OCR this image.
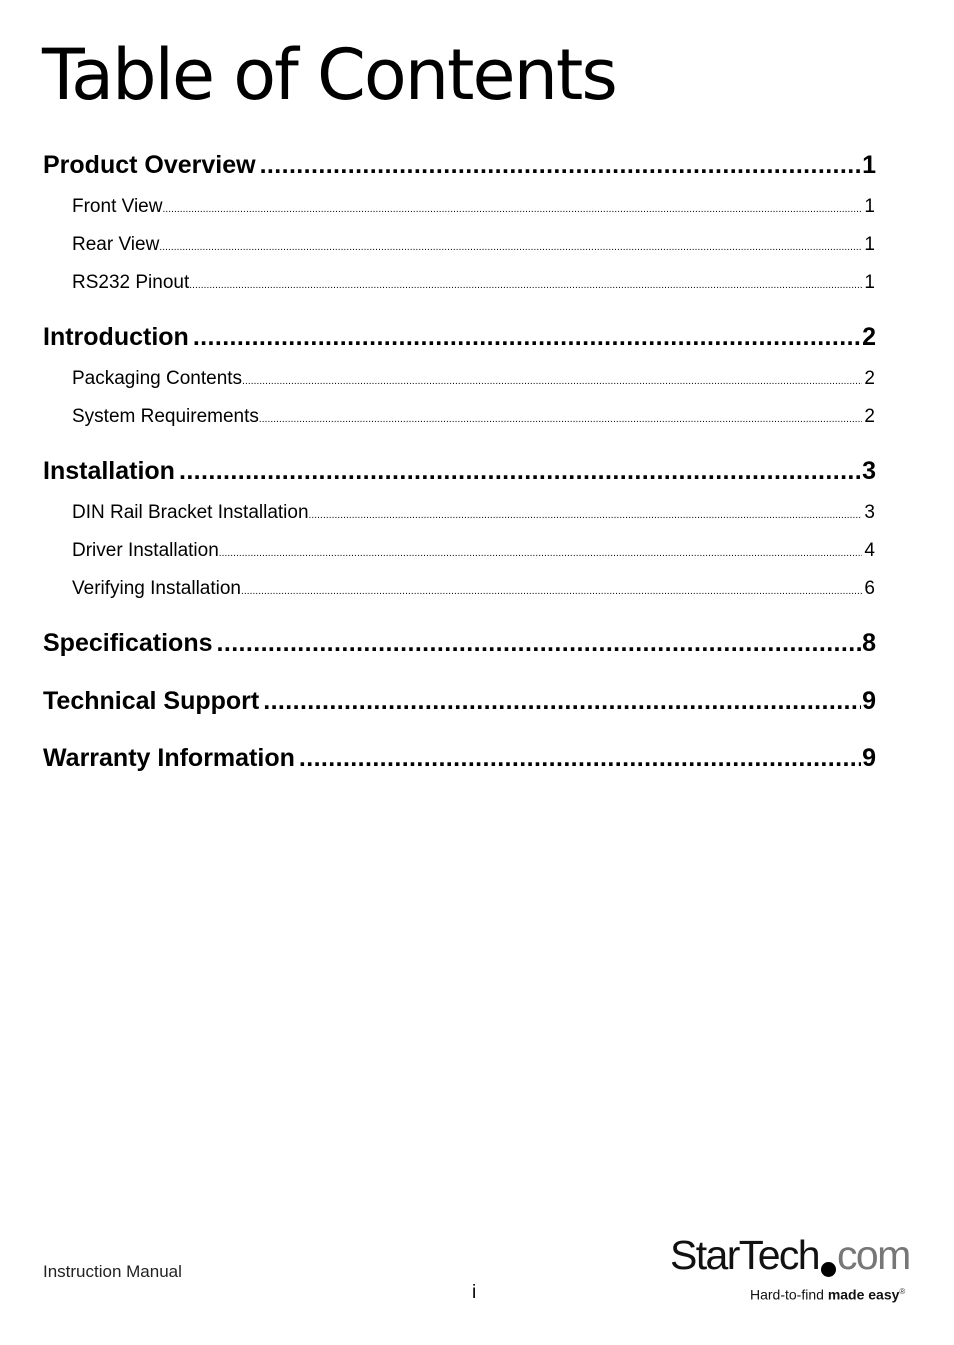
Table of Contents
Product Overview .....	1
Front View .....	1
Rear View .....	1
RS232 Pinout .....	1
Introduction .....	2
Packaging Contents .....	2
System Requirements .....	2
Installation .....	3
DIN Rail Bracket Installation .....	3
Driver Installation .....	4
Verifying Installation .....	6
Specifications .....	8
Technical Support .....	9
Warranty Information .....	9
Instruction Manual
i
StarTech com
Hard-to-find made easy®
